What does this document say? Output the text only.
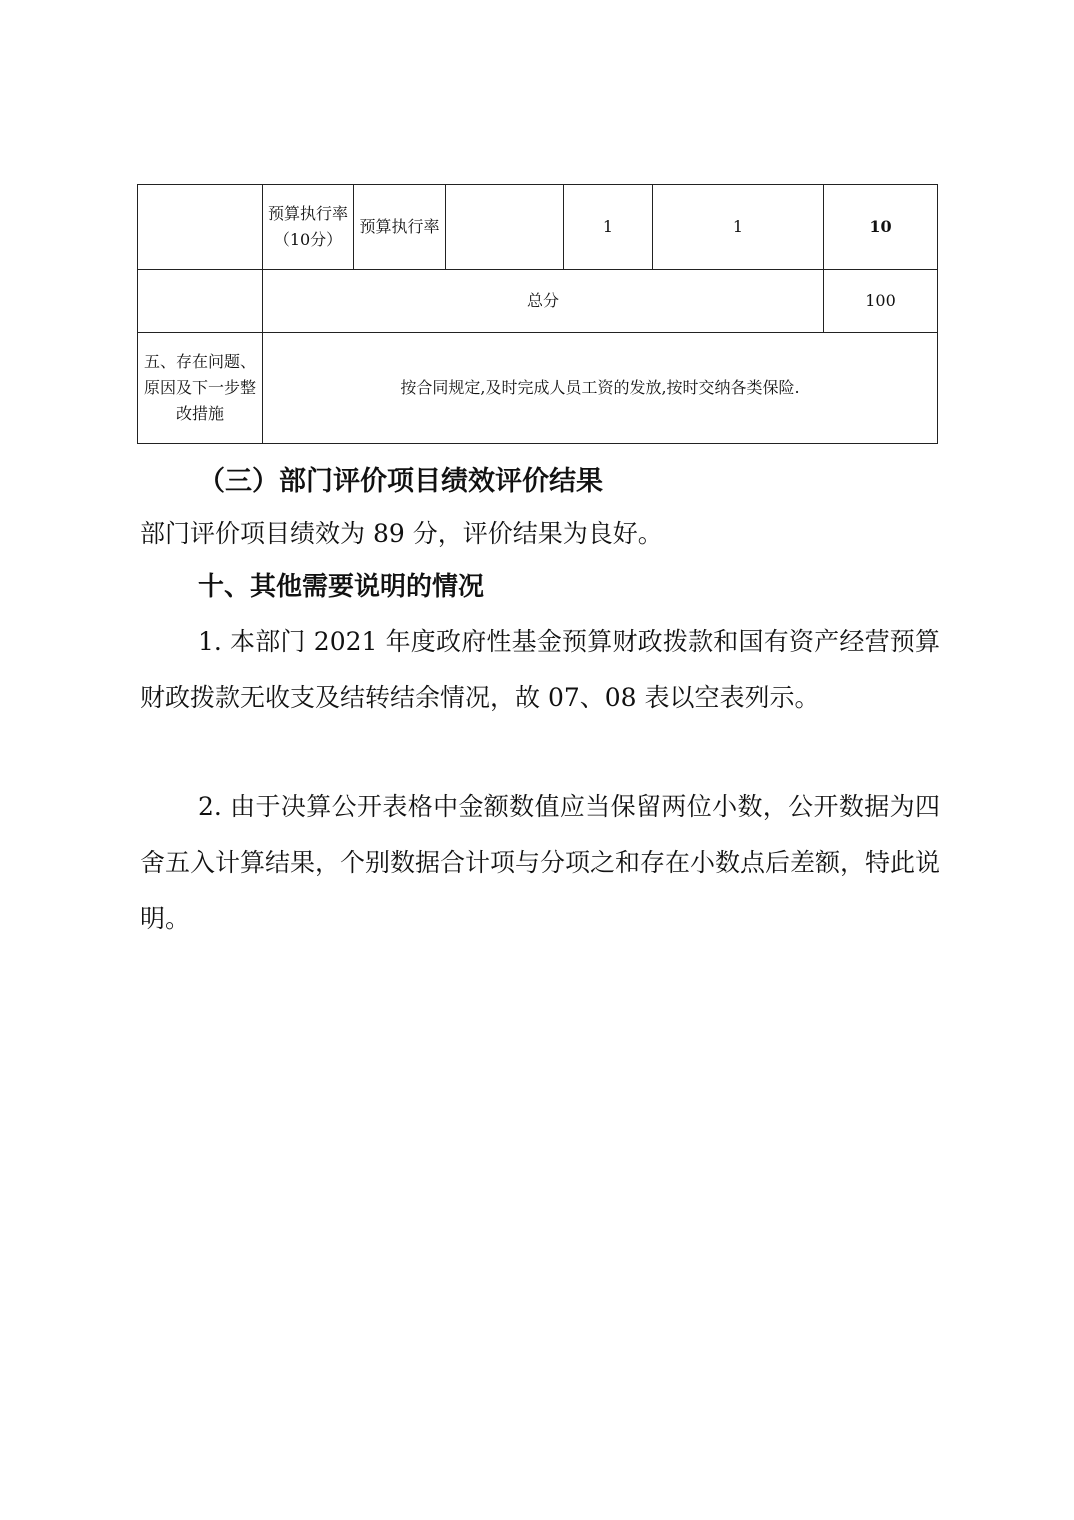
	预算执行率（10分）	预算执行率		1	1	10
	总分					100
五、存在问题、原因及下一步整改措施	按合同规定,及时完成人员工资的发放,按时交纳各类保险.					
（三）部门评价项目绩效评价结果
部门评价项目绩效为 89 分，评价结果为良好。
十、其他需要说明的情况
1. 本部门 2021 年度政府性基金预算财政拨款和国有资产经营预算财政拨款无收支及结转结余情况，故 07、08 表以空表列示。
2. 由于决算公开表格中金额数值应当保留两位小数，公开数据为四舍五入计算结果，个别数据合计项与分项之和存在小数点后差额，特此说明。
